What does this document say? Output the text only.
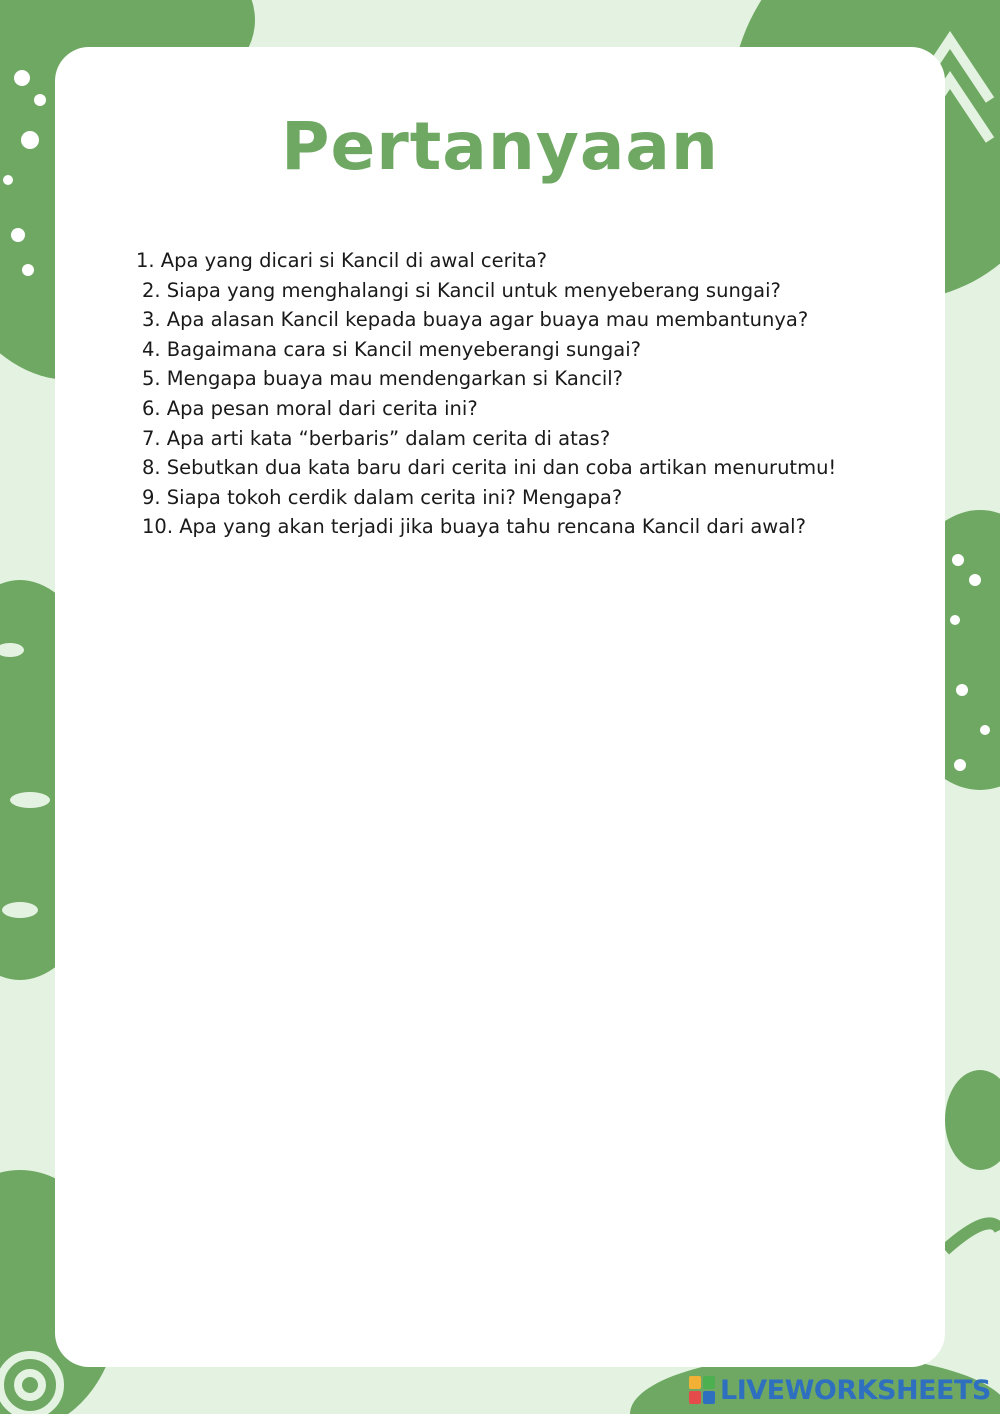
Pertanyaan
1. Apa yang dicari si Kancil di awal cerita?
2. Siapa yang menghalangi si Kancil untuk menyeberang sungai?
3. Apa alasan Kancil kepada buaya agar buaya mau membantunya?
4. Bagaimana cara si Kancil menyeberangi sungai?
5. Mengapa buaya mau mendengarkan si Kancil?
6. Apa pesan moral dari cerita ini?
7. Apa arti kata “berbaris” dalam cerita di atas?
8. Sebutkan dua kata baru dari cerita ini dan coba artikan menurutmu!
9. Siapa tokoh cerdik dalam cerita ini? Mengapa?
10. Apa yang akan terjadi jika buaya tahu rencana Kancil dari awal?
LIVEWORKSHEETS
